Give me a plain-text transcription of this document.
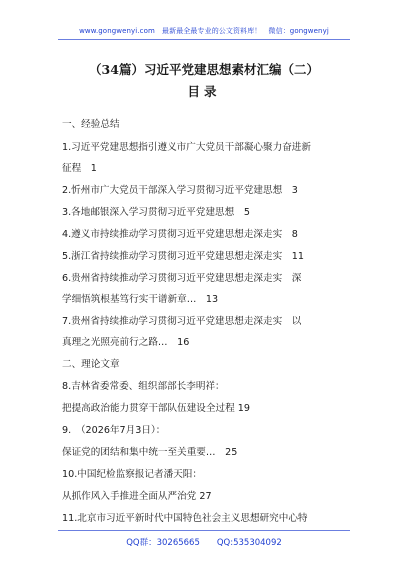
www.gongwenyi.com　最新最全最专业的公文资料库！　微信：gongwenyj
（34篇）习近平党建思想素材汇编（二）
目录
一、经验总结
1.习近平党建思想指引遵义市广大党员干部凝心聚力奋进新
征程　1
2.忻州市广大党员干部深入学习贯彻习近平党建思想　3
3.各地邮银深入学习贯彻习近平党建思想　5
4.遵义市持续推动学习贯彻习近平党建思想走深走实　8
5.浙江省持续推动学习贯彻习近平党建思想走深走实　11
6.贵州省持续推动学习贯彻习近平党建思想走深走实　深
学细悟筑根基笃行实干谱新章…　13
7.贵州省持续推动学习贯彻习近平党建思想走深走实　以
真理之光照亮前行之路…　16
二、理论文章
8.吉林省委常委、组织部部长李明祥：
把提高政治能力贯穿干部队伍建设全过程 19
9.　（2026年7月3日）：
保证党的团结和集中统一至关重要…　25
10.中国纪检监察报记者潘天阳：
从抓作风入手推进全面从严治党 27
11.北京市习近平新时代中国特色社会主义思想研究中心特
QQ群：30265665　　QQ:535304092
